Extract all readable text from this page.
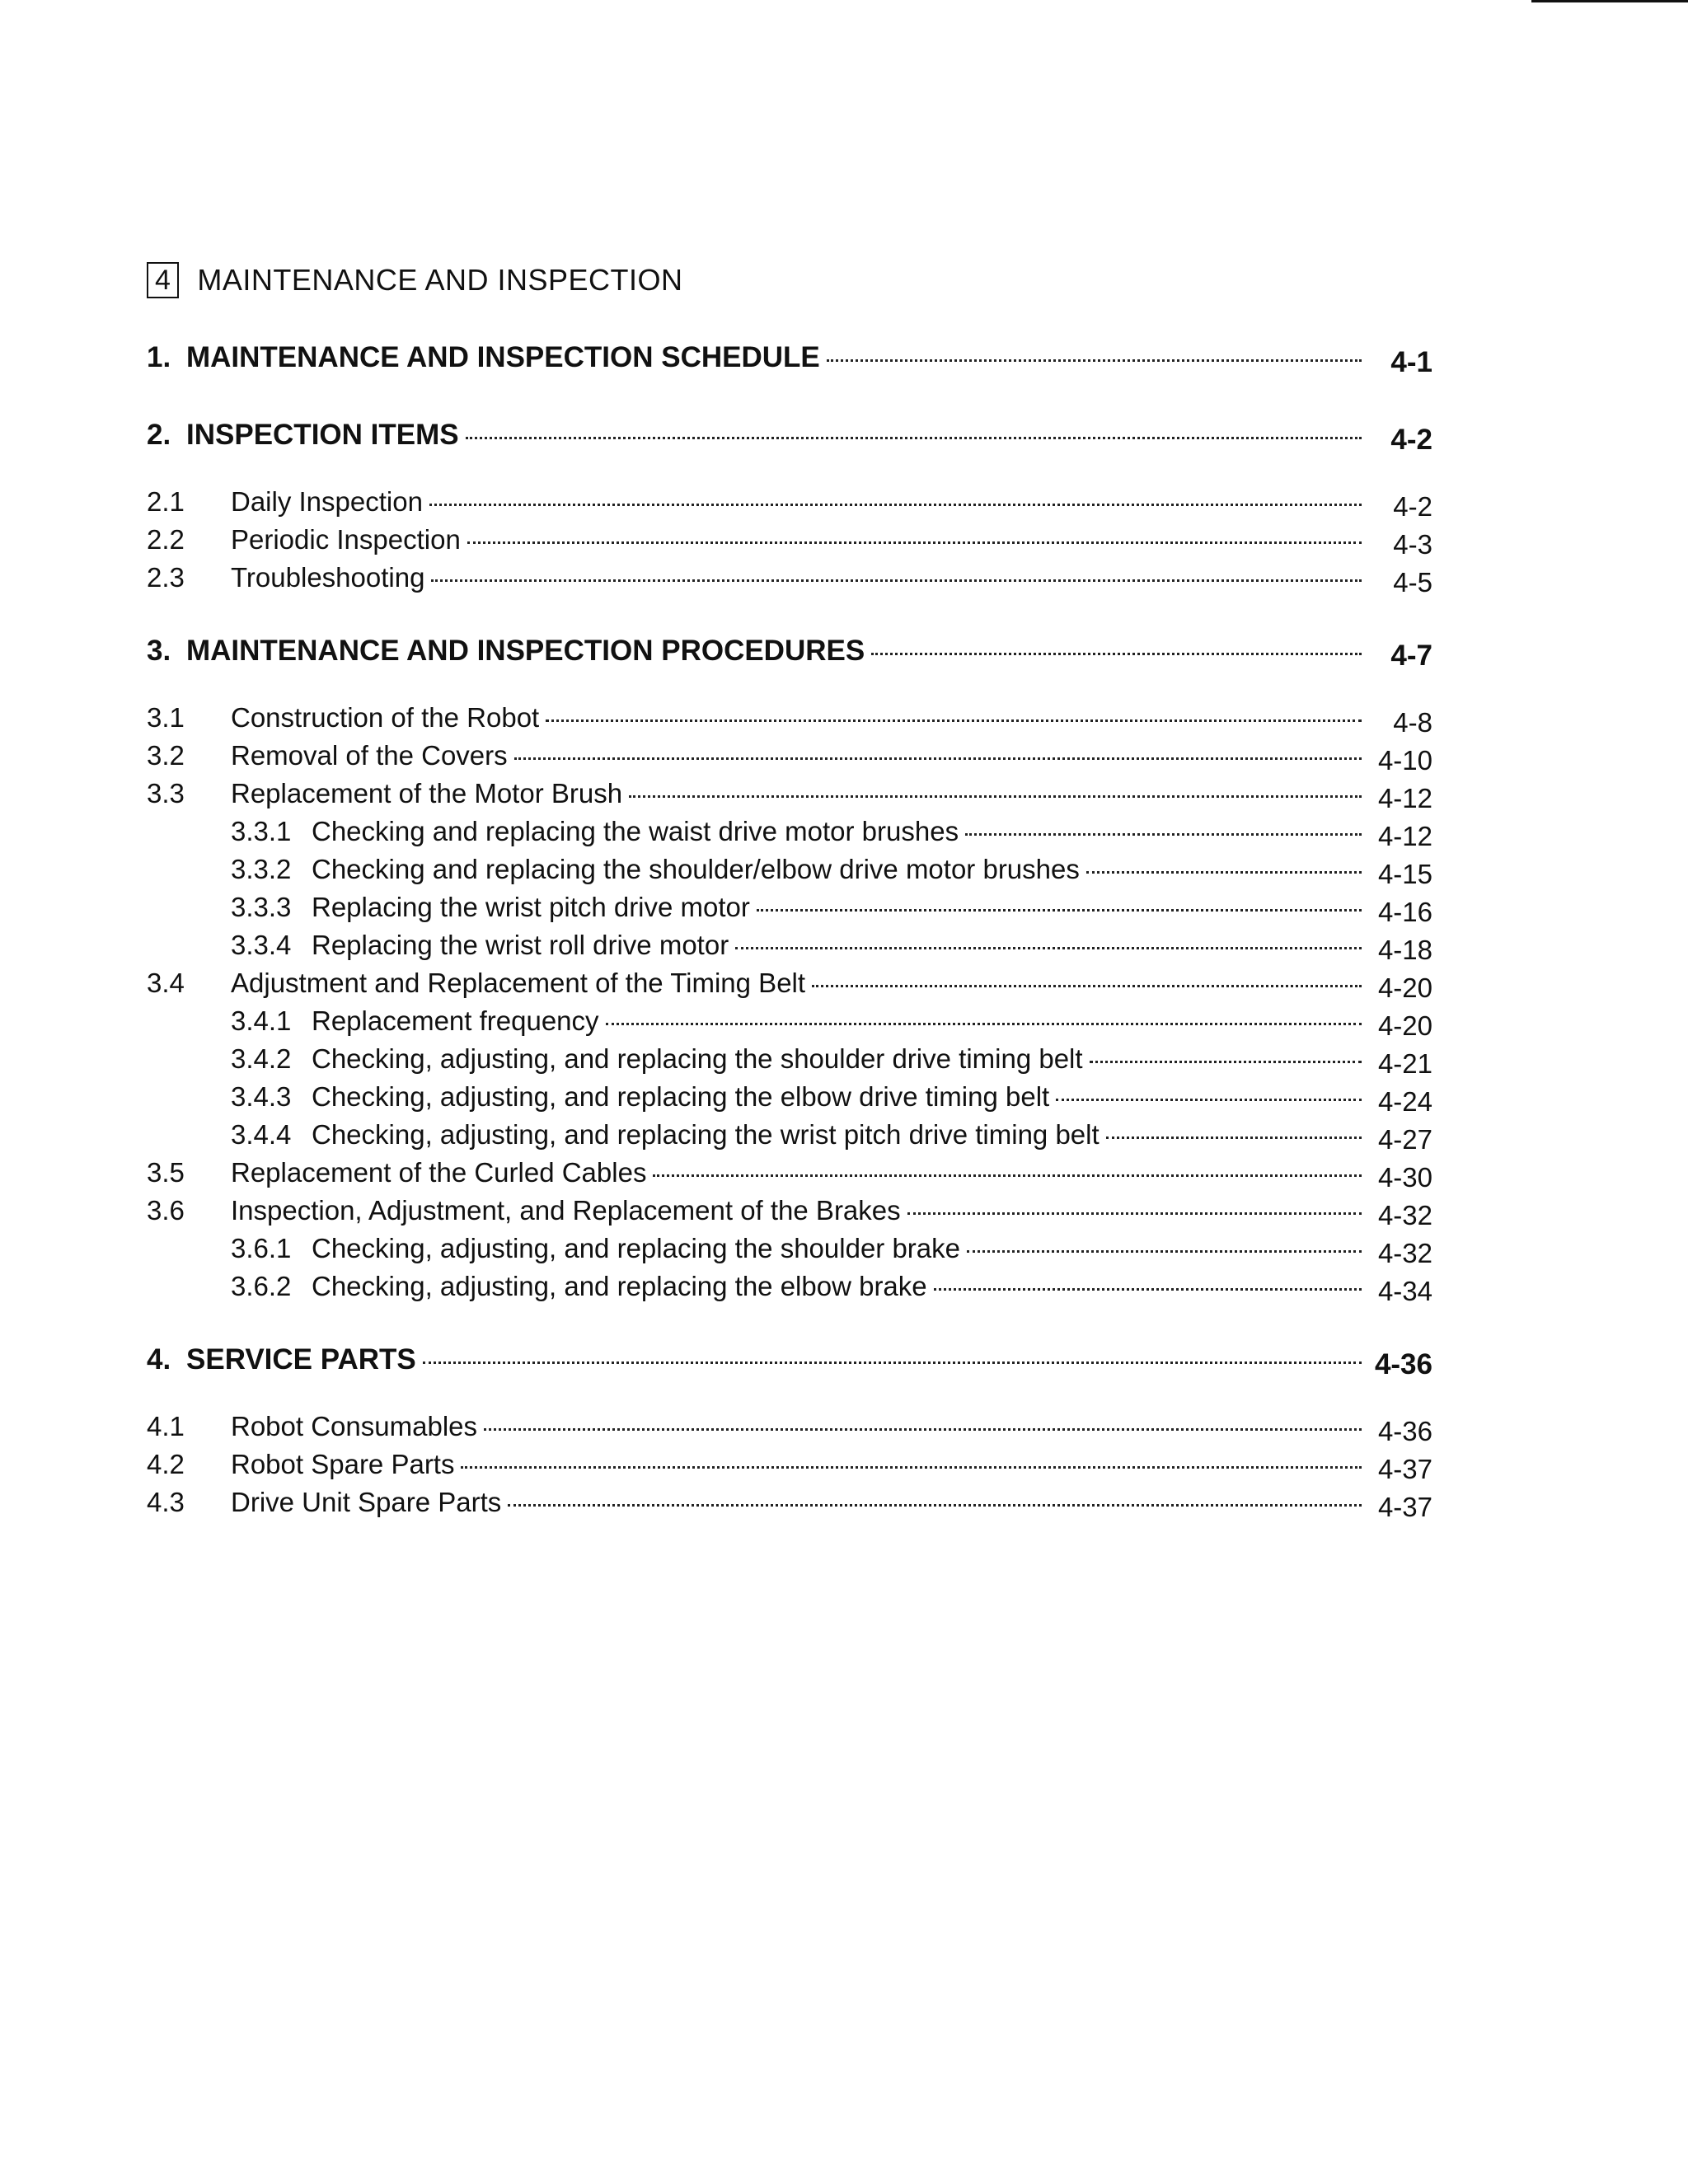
4 MAINTENANCE AND INSPECTION
1. MAINTENANCE AND INSPECTION SCHEDULE	4-1
2. INSPECTION ITEMS	4-2
2.1	Daily Inspection	4-2
2.2	Periodic Inspection	4-3
2.3	Troubleshooting	4-5
3. MAINTENANCE AND INSPECTION PROCEDURES	4-7
3.1	Construction of the Robot	4-8
3.2	Removal of the Covers	4-10
3.3	Replacement of the Motor Brush	4-12
3.3.1 Checking and replacing the waist drive motor brushes	4-12
3.3.2 Checking and replacing the shoulder/elbow drive motor brushes	4-15
3.3.3 Replacing the wrist pitch drive motor	4-16
3.3.4 Replacing the wrist roll drive motor	4-18
3.4	Adjustment and Replacement of the Timing Belt	4-20
3.4.1 Replacement frequency	4-20
3.4.2 Checking, adjusting, and replacing the shoulder drive timing belt	4-21
3.4.3 Checking, adjusting, and replacing the elbow drive timing belt	4-24
3.4.4 Checking, adjusting, and replacing the wrist pitch drive timing belt	4-27
3.5	Replacement of the Curled Cables	4-30
3.6	Inspection, Adjustment, and Replacement of the Brakes	4-32
3.6.1 Checking, adjusting, and replacing the shoulder brake	4-32
3.6.2 Checking, adjusting, and replacing the elbow brake	4-34
4. SERVICE PARTS	4-36
4.1	Robot Consumables	4-36
4.2	Robot Spare Parts	4-37
4.3	Drive Unit Spare Parts	4-37
